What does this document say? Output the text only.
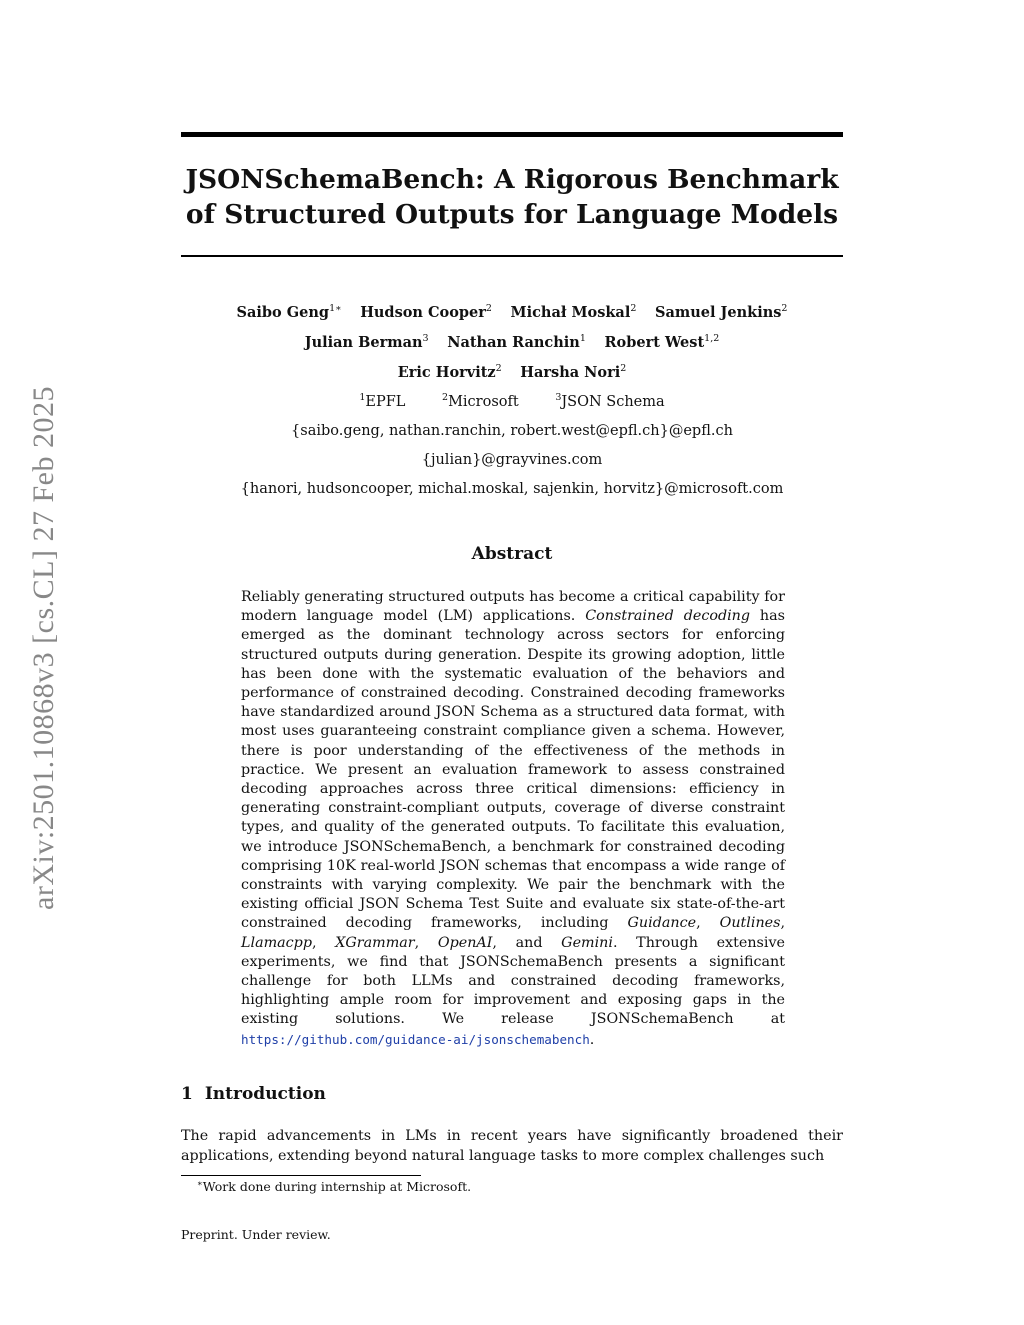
arXiv:2501.10868v3 [cs.CL] 27 Feb 2025
JSONSchemaBench: A Rigorous Benchmark
of Structured Outputs for Language Models
Saibo Geng$^{1∗}$ Hudson Cooper$^2$ Michał Moskal$^2$ Samuel Jenkins$^2$
Julian Berman$^3$ Nathan Ranchin$^1$ Robert West$^{1,2}$
Eric Horvitz$^2$ Harsha Nori$^2$
$^1$EPFL	$^2$Microsoft	$^3$JSON Schema
{saibo.geng, nathan.ranchin, robert.west@epfl.ch}@epfl.ch
{julian}@grayvines.com
{hanori, hudsoncooper, michal.moskal, sajenkin, horvitz}@microsoft.com
Abstract
Reliably generating structured outputs has become a critical capability for modern language model (LM) applications. Constrained decoding has emerged as the dominant technology across sectors for enforcing structured outputs during generation. Despite its growing adoption, little has been done with the systematic evaluation of the behaviors and performance of constrained decoding. Constrained decoding frameworks have standardized around JSON Schema as a structured data format, with most uses guaranteeing constraint compliance given a schema. However, there is poor understanding of the effectiveness of the methods in practice. We present an evaluation framework to assess constrained decoding approaches across three critical dimensions: efficiency in generating constraint-compliant outputs, coverage of diverse constraint types, and quality of the generated outputs. To facilitate this evaluation, we introduce JSONSchemaBench, a benchmark for constrained decoding comprising 10K real-world JSON schemas that encompass a wide range of constraints with varying complexity. We pair the benchmark with the existing official JSON Schema Test Suite and evaluate six state-of-the-art constrained decoding frameworks, including Guidance, Outlines, Llamacpp, XGrammar, OpenAI, and Gemini. Through extensive experiments, we find that JSONSchemaBench presents a significant challenge for both LLMs and constrained decoding frameworks, highlighting ample room for improvement and exposing gaps in the existing solutions. We release JSONSchemaBench at https://github.com/guidance-ai/jsonschemabench.
1 Introduction
The rapid advancements in LMs in recent years have significantly broadened their applications, extending beyond natural language tasks to more complex challenges such
∗Work done during internship at Microsoft.
Preprint. Under review.
